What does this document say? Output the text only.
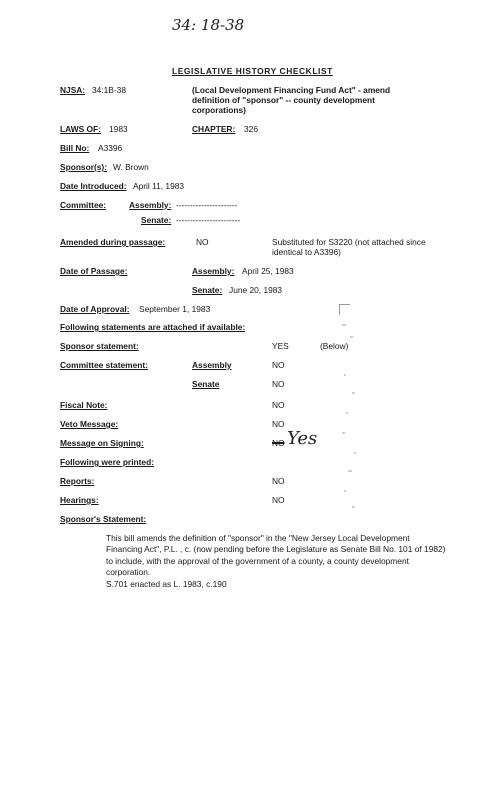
34: 18-38
LEGISLATIVE HISTORY CHECKLIST
NJSA: 34:1B-38	(Local Development Financing Fund Act" - amend definition of "sponsor" -- county development corporations)
LAWS OF: 1983	CHAPTER: 326
Bill No: A3396
Sponsor(s): W. Brown
Date Introduced: April 11, 1983
Committee:	Assembly: ----------------------
Senate: -----------------------
Amended during passage:	NO	Substituted for S3220 (not attached since identical to A3396)
Date of Passage:	Assembly: April 25, 1983
Senate: June 20, 1983
Date of Approval: September 1, 1983
Following statements are attached if available:
Sponsor statement:	YES	(Below)
Committee statement:	Assembly	NO
Senate	NO
Fiscal Note:	NO
Veto Message:	NO
Message on Signing:	NO Yes
Following were printed:
Reports:	NO
Hearings:	NO
Sponsor's Statement:
This bill amends the definition of "sponsor" in the "New Jersey Local Development Financing Act", P.L. , c. (now pending before the Legislature as Senate Bill No. 101 of 1982) to include, with the approval of the government of a county, a county development corporation.
S.701 enacted as L. 1983, c.190
